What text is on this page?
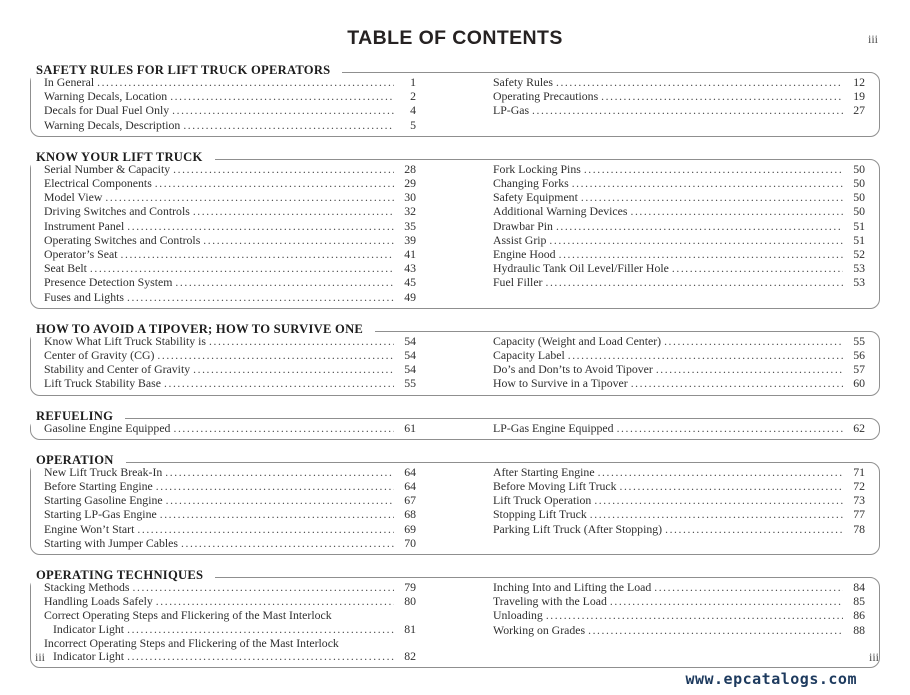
TABLE OF CONTENTS	iii
SAFETY RULES FOR LIFT TRUCK OPERATORS
In General .....	1
Warning Decals, Location .....	2
Decals for Dual Fuel Only .....	4
Warning Decals, Description .....	5
Safety Rules .....	12
Operating Precautions .....	19
LP-Gas .....	27
KNOW YOUR LIFT TRUCK
Serial Number & Capacity .....	28
Electrical Components .....	29
Model View .....	30
Driving Switches and Controls .....	32
Instrument Panel .....	35
Operating Switches and Controls .....	39
Operator’s Seat .....	41
Seat Belt .....	43
Presence Detection System .....	45
Fuses and Lights .....	49
Fork Locking Pins .....	50
Changing Forks .....	50
Safety Equipment .....	50
Additional Warning Devices .....	50
Drawbar Pin .....	51
Assist Grip .....	51
Engine Hood .....	52
Hydraulic Tank Oil Level/Filler Hole .....	53
Fuel Filler .....	53
HOW TO AVOID A TIPOVER; HOW TO SURVIVE ONE
Know What Lift Truck Stability is .....	54
Center of Gravity (CG) .....	54
Stability and Center of Gravity .....	54
Lift Truck Stability Base .....	55
Capacity (Weight and Load Center) .....	55
Capacity Label .....	56
Do’s and Don’ts to Avoid Tipover .....	57
How to Survive in a Tipover .....	60
REFUELING
Gasoline Engine Equipped .....	61	LP-Gas Engine Equipped .....	62
OPERATION
New Lift Truck Break-In .....	64
Before Starting Engine .....	64
Starting Gasoline Engine .....	67
Starting LP-Gas Engine .....	68
Engine Won’t Start .....	69
Starting with Jumper Cables .....	70
After Starting Engine .....	71
Before Moving Lift Truck .....	72
Lift Truck Operation .....	73
Stopping Lift Truck .....	77
Parking Lift Truck (After Stopping) .....	78
OPERATING TECHNIQUES
Stacking Methods .....	79
Handling Loads Safely .....	80
Correct Operating Steps and Flickering of the Mast Interlock
Indicator Light .....	81
Incorrect Operating Steps and Flickering of the Mast Interlock
Indicator Light .....	82
Inching Into and Lifting the Load .....	84
Traveling with the Load .....	85
Unloading .....	86
Working on Grades .....	88
iii	iii
www.epcatalogs.com
